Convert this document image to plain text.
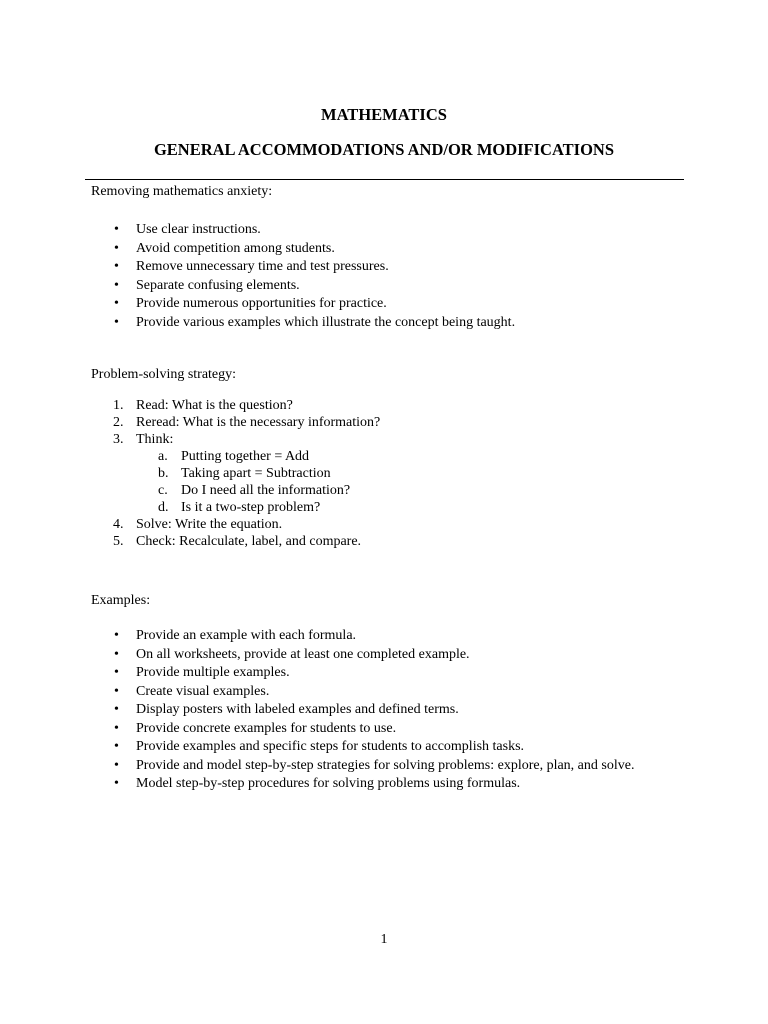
MATHEMATICS
GENERAL ACCOMMODATIONS AND/OR MODIFICATIONS

Removing mathematics anxiety:

• Use clear instructions.
• Avoid competition among students.
• Remove unnecessary time and test pressures.
• Separate confusing elements.
• Provide numerous opportunities for practice.
• Provide various examples which illustrate the concept being taught.

Problem-solving strategy:

1. Read: What is the question?
2. Reread: What is the necessary information?
3. Think:
a. Putting together = Add
b. Taking apart = Subtraction
c. Do I need all the information?
d. Is it a two-step problem?
4. Solve: Write the equation.
5. Check: Recalculate, label, and compare.

Examples:

• Provide an example with each formula.
• On all worksheets, provide at least one completed example.
• Provide multiple examples.
• Create visual examples.
• Display posters with labeled examples and defined terms.
• Provide concrete examples for students to use.
• Provide examples and specific steps for students to accomplish tasks.
• Provide and model step-by-step strategies for solving problems: explore, plan, and solve.
• Model step-by-step procedures for solving problems using formulas.
1
